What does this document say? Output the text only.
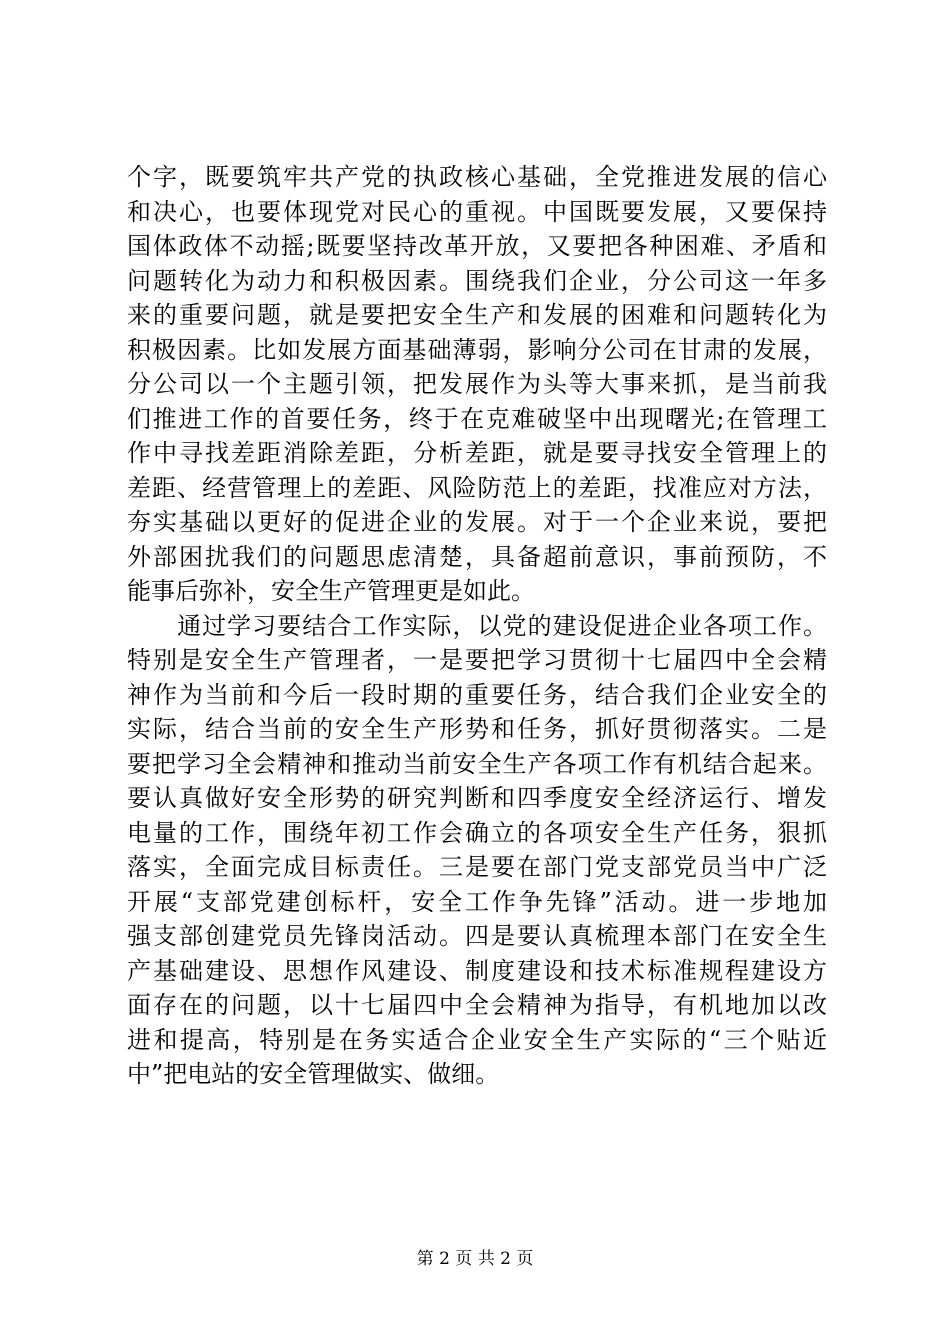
个字，既要筑牢共产党的执政核心基础，全党推进发展的信心
和决心，也要体现党对民心的重视。中国既要发展，又要保持
国体政体不动摇;既要坚持改革开放，又要把各种困难、矛盾和
问题转化为动力和积极因素。围绕我们企业，分公司这一年多
来的重要问题，就是要把安全生产和发展的困难和问题转化为
积极因素。比如发展方面基础薄弱，影响分公司在甘肃的发展，
分公司以一个主题引领，把发展作为头等大事来抓，是当前我
们推进工作的首要任务，终于在克难破坚中出现曙光;在管理工
作中寻找差距消除差距，分析差距，就是要寻找安全管理上的
差距、经营管理上的差距、风险防范上的差距，找准应对方法，
夯实基础以更好的促进企业的发展。对于一个企业来说，要把
外部困扰我们的问题思虑清楚，具备超前意识，事前预防，不
能事后弥补，安全生产管理更是如此。
　　通过学习要结合工作实际，以党的建设促进企业各项工作。
特别是安全生产管理者，一是要把学习贯彻十七届四中全会精
神作为当前和今后一段时期的重要任务，结合我们企业安全的
实际，结合当前的安全生产形势和任务，抓好贯彻落实。二是
要把学习全会精神和推动当前安全生产各项工作有机结合起来。
要认真做好安全形势的研究判断和四季度安全经济运行、增发
电量的工作，围绕年初工作会确立的各项安全生产任务，狠抓
落实，全面完成目标责任。三是要在部门党支部党员当中广泛
开展“支部党建创标杆，安全工作争先锋”活动。进一步地加
强支部创建党员先锋岗活动。四是要认真梳理本部门在安全生
产基础建设、思想作风建设、制度建设和技术标准规程建设方
面存在的问题，以十七届四中全会精神为指导，有机地加以改
进和提高，特别是在务实适合企业安全生产实际的“三个贴近
中”把电站的安全管理做实、做细。
第 2 页 共 2 页
